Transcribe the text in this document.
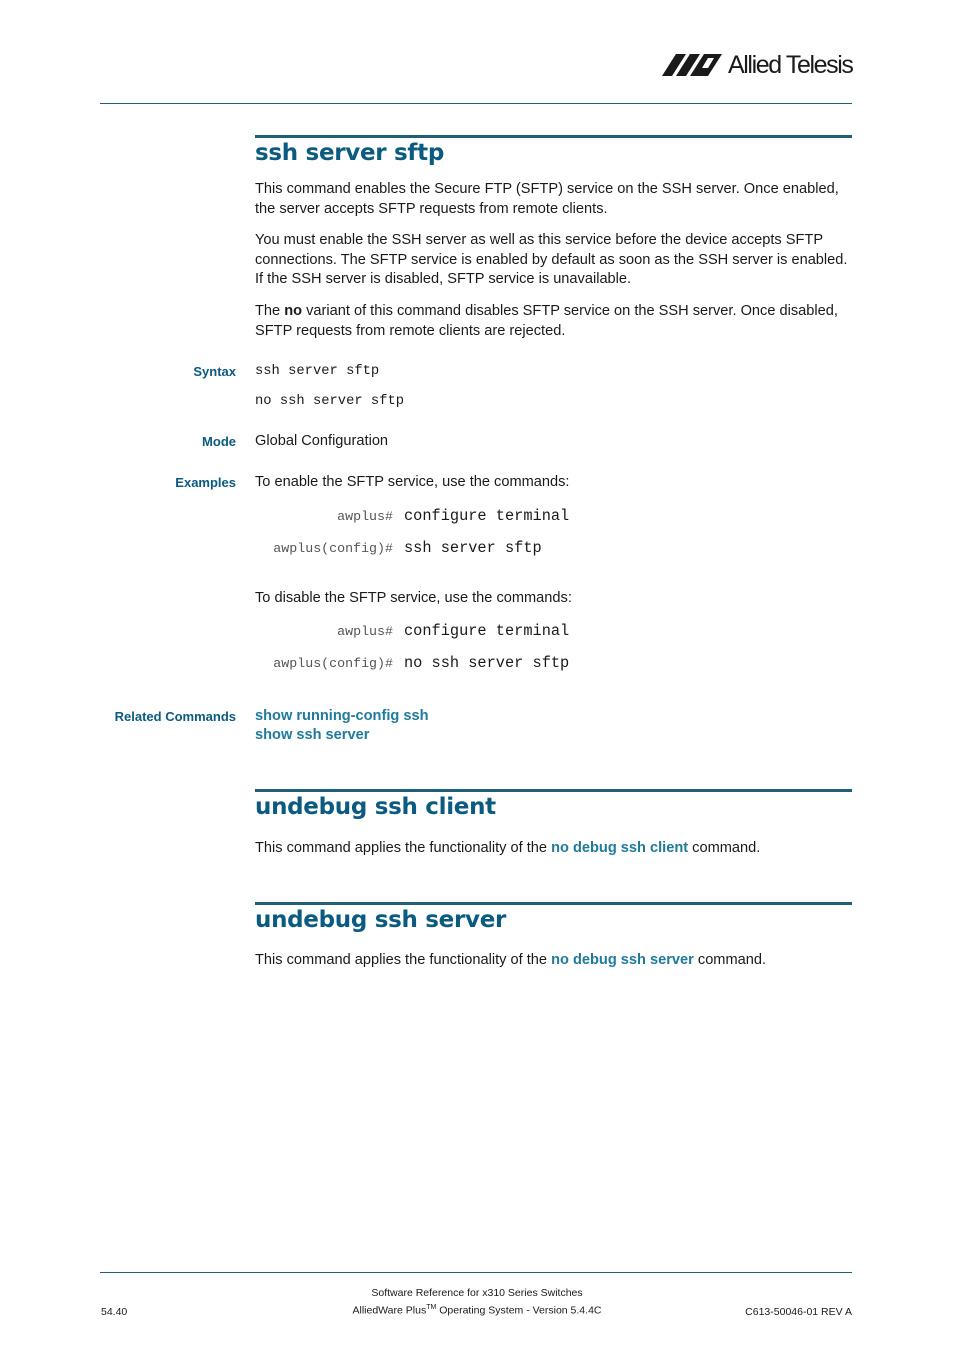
Allied Telesis
ssh server sftp
This command enables the Secure FTP (SFTP) service on the SSH server. Once enabled, the server accepts SFTP requests from remote clients.
You must enable the SSH server as well as this service before the device accepts SFTP connections. The SFTP service is enabled by default as soon as the SSH server is enabled. If the SSH server is disabled, SFTP service is unavailable.
The no variant of this command disables SFTP service on the SSH server. Once disabled, SFTP requests from remote clients are rejected.
Syntax ssh server sftp
no ssh server sftp
Mode Global Configuration
Examples To enable the SFTP service, use the commands:
awplus# configure terminal
awplus(config)# ssh server sftp
To disable the SFTP service, use the commands:
awplus# configure terminal
awplus(config)# no ssh server sftp
Related Commands show running-config ssh
show ssh server
undebug ssh client
This command applies the functionality of the no debug ssh client command.
undebug ssh server
This command applies the functionality of the no debug ssh server command.
Software Reference for x310 Series Switches
AlliedWare Plus™ Operating System - Version 5.4.4C
54.40	C613-50046-01 REV A
